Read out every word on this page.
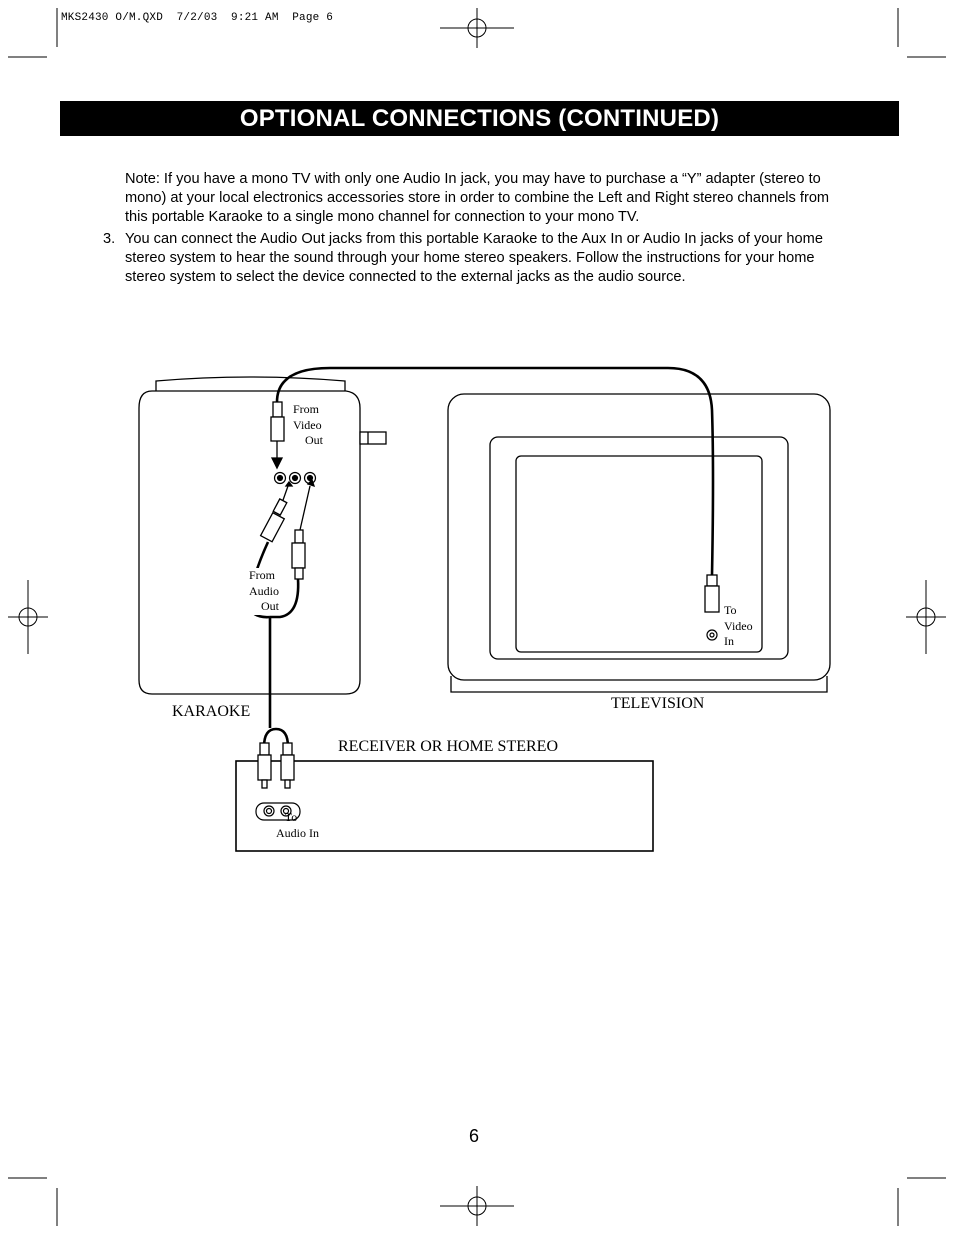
MKS2430 O/M.QXD  7/2/03  9:21 AM  Page 6
OPTIONAL CONNECTIONS (CONTINUED)
Note: If you have a mono TV with only one Audio In jack, you may have to purchase a “Y” adapter (stereo to mono) at your local electronics accessories store in order to combine the Left and Right stereo channels from this portable Karaoke to a single mono channel for connection to your mono TV.
3. You can connect the Audio Out jacks from this portable Karaoke to the Aux In or Audio In jacks of your home stereo system to hear the sound through your home stereo speakers. Follow the instructions for your home stereo system to select the device connected to the external jacks as the audio source.
From
Video
Out
From
Audio
Out	To
Video
In
To
Audio In
KARAOKE	TELEVISION
RECEIVER OR HOME STEREO
6
